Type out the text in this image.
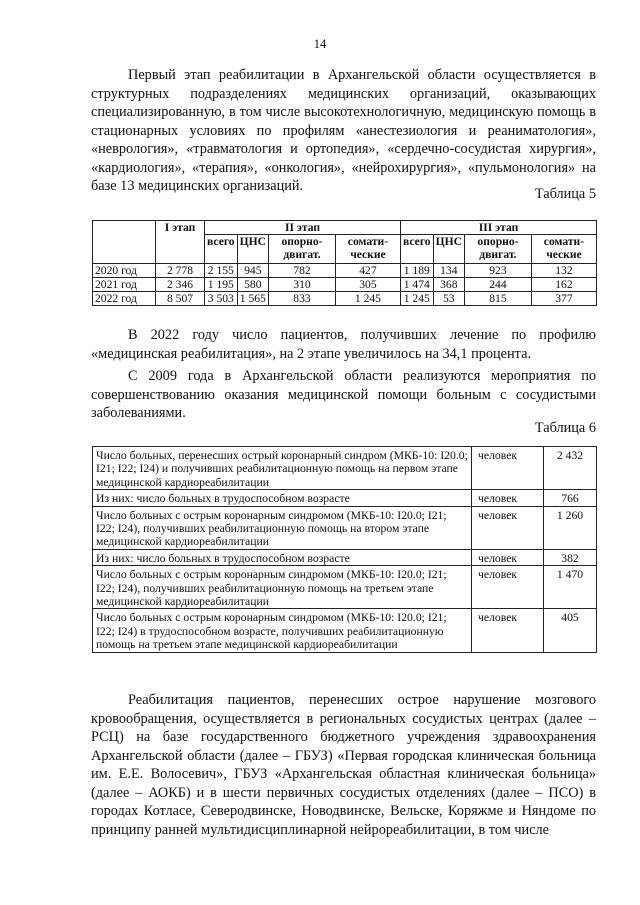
14

Первый этап реабилитации в Архангельской области осуществляется в структурных подразделениях медицинских организаций, оказывающих специализированную, в том числе высокотехнологичную, медицинскую помощь в стационарных условиях по профилям «анестезиология и реаниматология», «неврология», «травматология и ортопедия», «сердечно-сосудистая хирургия», «кардиология», «терапия», «онкология», «нейрохирургия», «пульмонология» на базе 13 медицинских организаций.	Таблица 5
	I этап	II этап				III этап			
		всего	ЦНС	опорно-двигат.	сомати-ческие	всего	ЦНС	опорно-двигат.	сомати-ческие
2020 год	2 778	2 155	945	782	427	1 189	134	923	132
2021 год	2 346	1 195	580	310	305	1 474	368	244	162
2022 год	8 507	3 503	1 565	833	1 245	1 245	53	815	377

В 2022 году число пациентов, получивших лечение по профилю «медицинская реабилитация», на 2 этапе увеличилось на 34,1 процента.

С 2009 года в Архангельской области реализуются мероприятия по совершенствованию оказания медицинской помощи больным с сосудистыми заболеваниями.

Таблица 6
Число больных, перенесших острый коронарный синдром (МКБ-10: I20.0; I21; I22; I24) и получивших реабилитационную помощь на первом этапе медицинской кардиореабилитации	человек	2 432
Из них: число больных в трудоспособном возрасте	человек	766
Число больных с острым коронарным синдромом (МКБ-10: I20.0; I21; I22; I24), получивших реабилитационную помощь на втором этапе медицинской кардиореабилитации	человек	1 260
Из них: число больных в трудоспособном возрасте	человек	382
Число больных с острым коронарным синдромом (МКБ-10: I20.0; I21; I22; I24), получивших реабилитационную помощь на третьем этапе медицинской кардиореабилитации	человек	1 470
Число больных с острым коронарным синдромом (МКБ-10: I20.0; I21; I22; I24) в трудоспособном возрасте, получивших реабилитационную помощь на третьем этапе медицинской кардиореабилитации	человек	405

Реабилитация пациентов, перенесших острое нарушение мозгового кровообращения, осуществляется в региональных сосудистых центрах (далее – РСЦ) на базе государственного бюджетного учреждения здравоохранения Архангельской области (далее – ГБУЗ) «Первая городская клиническая больница им. Е.Е. Волосевич», ГБУЗ «Архангельская областная клиническая больница» (далее – АОКБ) и в шести первичных сосудистых отделениях (далее – ПСО) в городах Котласе, Северодвинске, Новодвинске, Вельске, Коряжме и Няндоме по принципу ранней мультидисциплинарной нейрореабилитации, в том числе
